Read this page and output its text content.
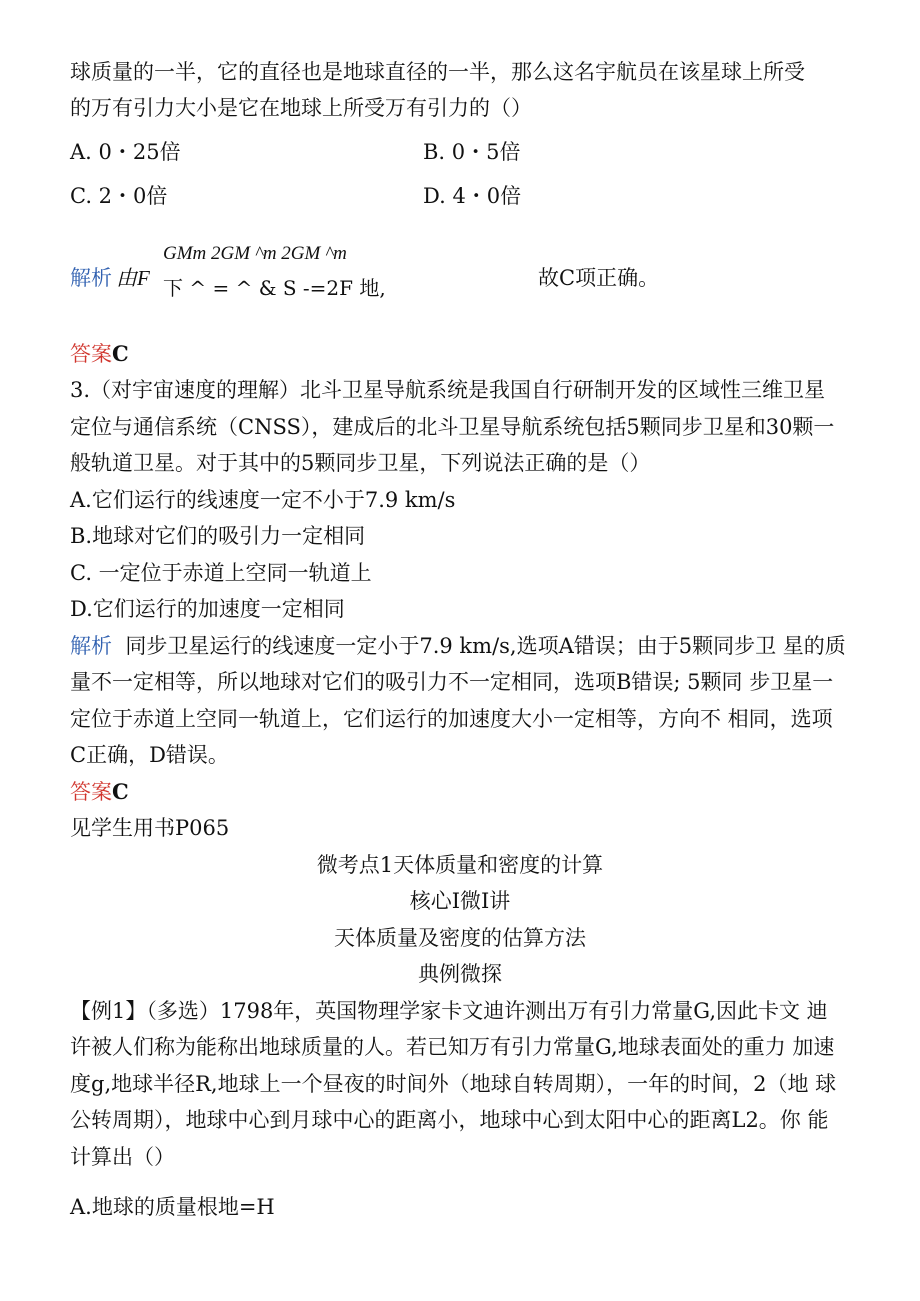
球质量的一半，它的直径也是地球直径的一半，那么这名宇航员在该星球上所受
的万有引力大小是它在地球上所受万有引力的（）
A. 0・25倍	B. 0・5倍
C. 2・0倍	D. 4・0倍
解析 由F
GMm 2GM ^m 2GM ^m
下 ^ = ^ & S -=2F 地,	故C项正确。
答案C
3.（对宇宙速度的理解）北斗卫星导航系统是我国自行研制开发的区域性三维卫星
定位与通信系统（CNSS），建成后的北斗卫星导航系统包括5颗同步卫星和30颗一
般轨道卫星。对于其中的5颗同步卫星，下列说法正确的是（）
A.它们运行的线速度一定不小于7.9 km/s
B.地球对它们的吸引力一定相同
C. 一定位于赤道上空同一轨道上
D.它们运行的加速度一定相同
解析 同步卫星运行的线速度一定小于7.9 km/s,选项A错误；由于5颗同步卫 星的质
量不一定相等，所以地球对它们的吸引力不一定相同，选项B错误; 5颗同 步卫星一
定位于赤道上空同一轨道上，它们运行的加速度大小一定相等，方向不 相同，选项
C正确，D错误。
答案C
见学生用书P065
微考点1天体质量和密度的计算
核心I微I讲
天体质量及密度的估算方法
典例微探
【例1】（多选）1798年，英国物理学家卡文迪许测出万有引力常量G,因此卡文 迪
许被人们称为能称出地球质量的人。若已知万有引力常量G,地球表面处的重力 加速
度g,地球半径R,地球上一个昼夜的时间外（地球自转周期），一年的时间，2（地 球
公转周期），地球中心到月球中心的距离小，地球中心到太阳中心的距离L2。你 能
计算出（）
A.地球的质量根地=H
